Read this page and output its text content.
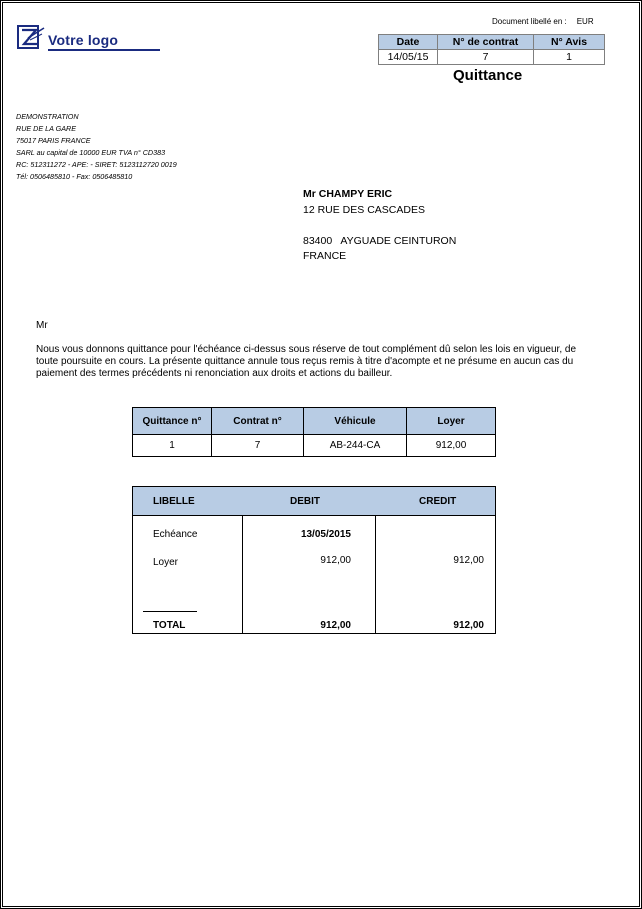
Votre logo
Document libellé en : EUR
Date	N° de contrat	N° Avis
14/05/15	7	1
Quittance
DEMONSTRATION
RUE DE LA GARE
75017 PARIS FRANCE
SARL au capital de 10000 EUR TVA n° CD383
RC: 512311272 - APE: - SIRET: 5123112720 0019
Tél: 0506485810 - Fax: 0506485810
Mr CHAMPY ERIC
12 RUE DES CASCADES
83400   AYGUADE CEINTURON
FRANCE
Mr
Nous vous donnons quittance pour l'échéance ci-dessus sous réserve de tout complément dû selon les lois en vigueur, de toute poursuite en cours. La présente quittance annule tous reçus remis à titre d'acompte et ne présume en aucun cas du paiement des termes précédents ni renonciation aux droits et actions du bailleur.
Quittance n°	Contrat n°	Véhicule	Loyer
1	7	AB-244-CA	912,00
LIBELLE	DEBIT	CREDIT
Echéance	13/05/2015
Loyer	912,00	912,00
TOTAL	912,00	912,00
